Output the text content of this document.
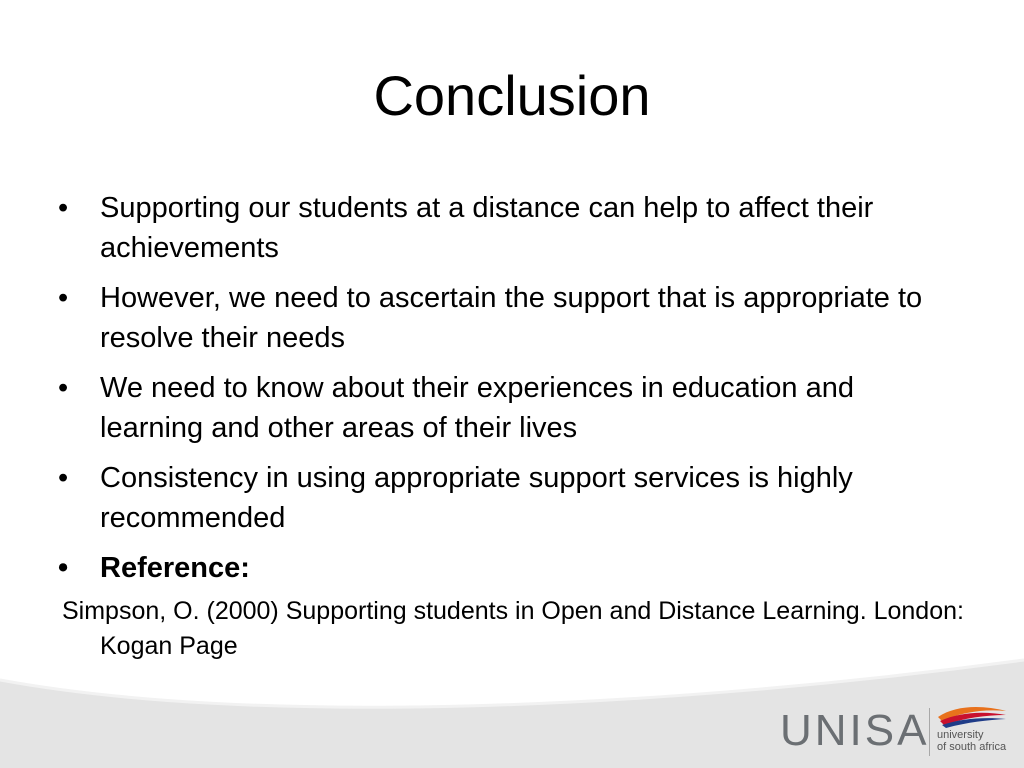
Conclusion
•	Supporting our students at a distance can help to affect their achievements
•	However, we need to ascertain the support that is appropriate to resolve their needs
•	We need to know about their experiences in education and learning and other areas of their lives
•	Consistency in using appropriate support services is highly recommended
•	Reference:
Simpson, O. (2000) Supporting students in Open and Distance Learning. London: Kogan Page
UNISA university
of south africa
